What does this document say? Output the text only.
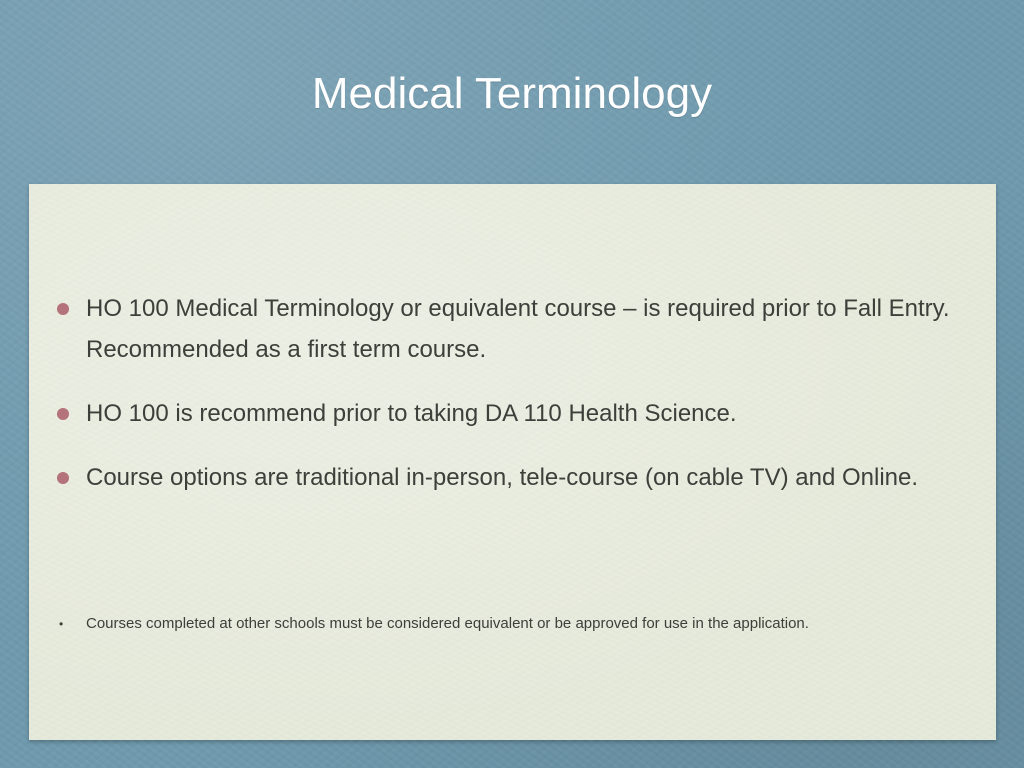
Medical Terminology
HO 100 Medical Terminology or equivalent course – is required prior to Fall Entry. Recommended as a first term course.
HO 100 is recommend prior to taking DA 110 Health Science.
Course options are traditional in-person, tele-course (on cable TV) and Online.
• Courses completed at other schools must be considered equivalent or be approved for use in the application.
